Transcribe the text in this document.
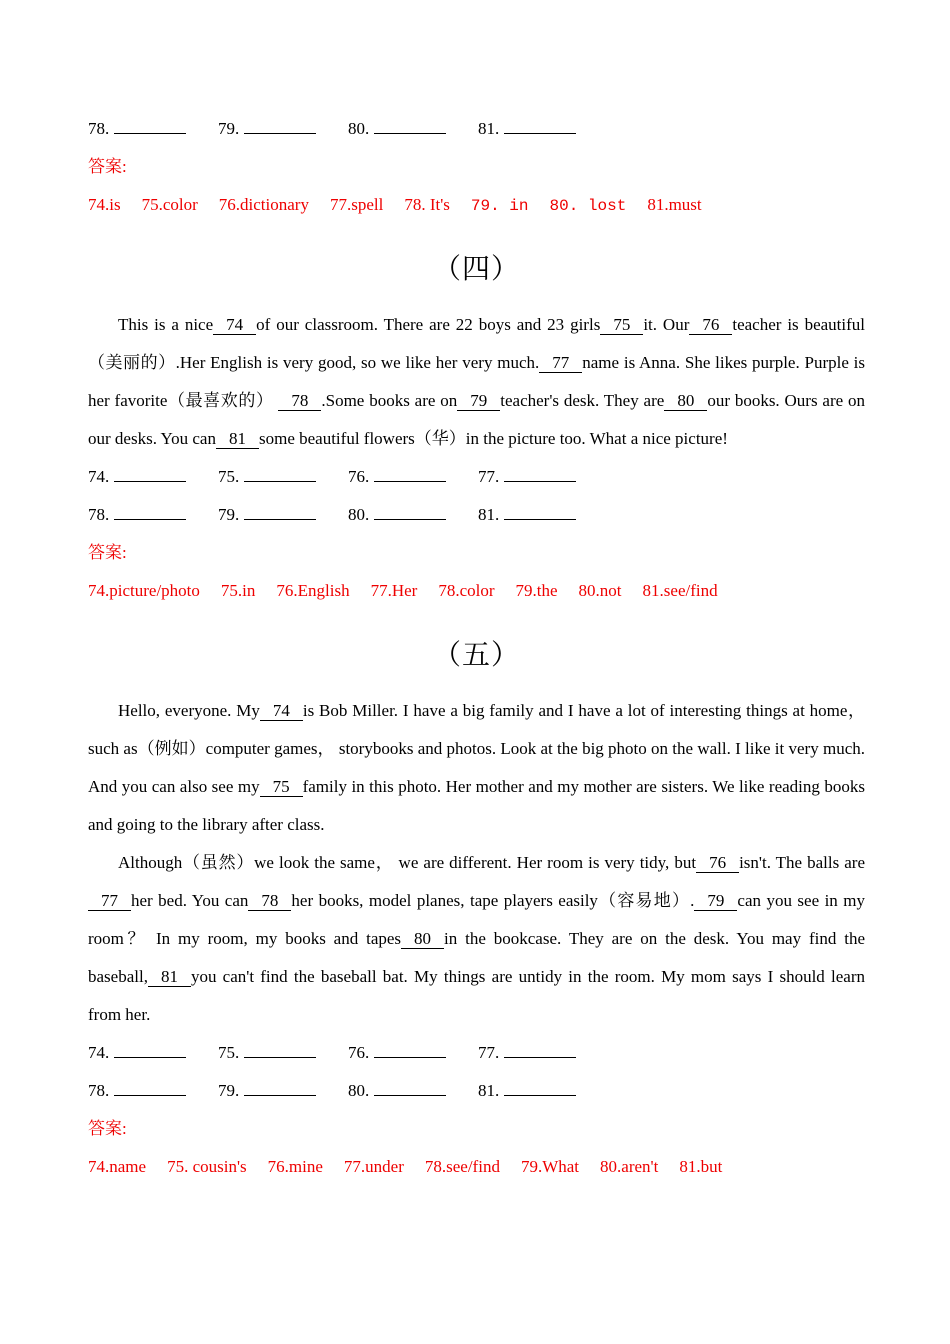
78.	79.	80.	81.
答案:
74.is 75.color 76.dictionary 77.spell 78. It's 79. in 80. lost 81.must
（四）

This is a nice 74 of our classroom. There are 22 boys and 23 girls 75 it. Our 76 teacher is beautiful（美丽的）.Her English is very good, so we like her very much. 77 name is Anna. She likes purple. Purple is her favorite（最喜欢的） 78 .Some books are on 79 teacher's desk. They are 80 our books. Ours are on our desks. You can 81 some beautiful flowers（华）in the picture too. What a nice picture!

74.	75.	76.	77.
78.	79.	80.	81.
答案:
74.picture/photo 75.in 76.English 77.Her 78.color 79.the 80.not 81.see/find
（五）

Hello, everyone. My 74 is Bob Miller. I have a big family and I have a lot of interesting things at home， such as（例如）computer games， storybooks and photos. Look at the big photo on the wall. I like it very much. And you can also see my 75 family in this photo. Her mother and my mother are sisters. We like reading books and going to the library after class.

Although（虽然）we look the same， we are different. Her room is very tidy, but 76 isn't. The balls are 77 her bed. You can 78 her books, model planes, tape players easily（容易地）. 79 can you see in my room？ In my room, my books and tapes 80 in the bookcase. They are on the desk. You may find the baseball, 81 you can't find the baseball bat. My things are untidy in the room. My mom says I should learn from her.

74.	75.	76.	77.
78.	79.	80.	81.
答案:
74.name 75. cousin's 76.mine 77.under 78.see/find 79.What 80.aren't 81.but
